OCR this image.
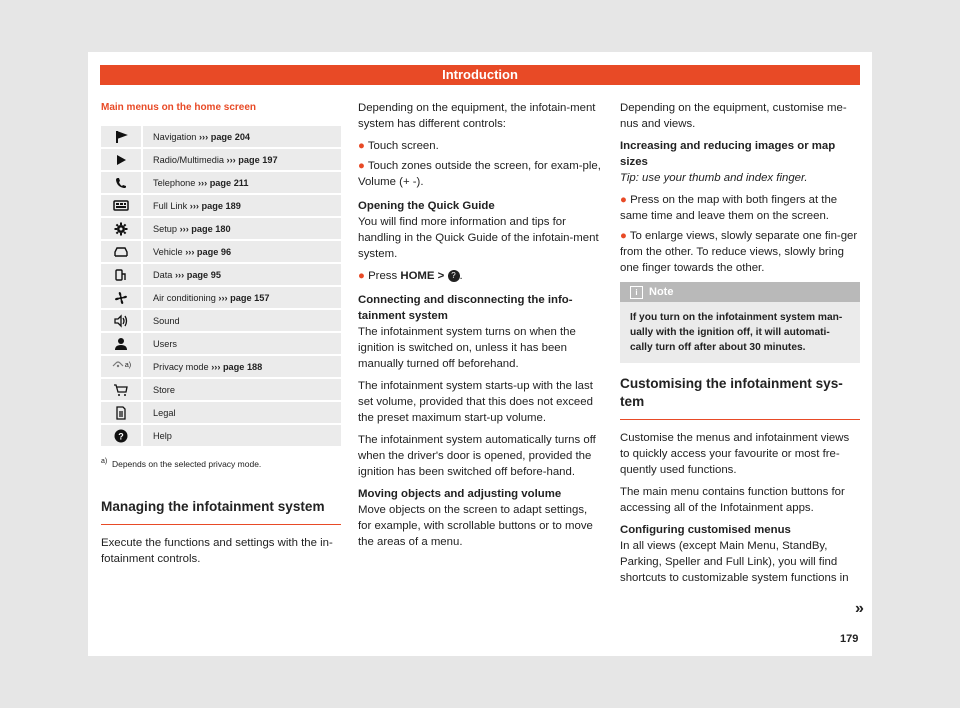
Introduction
Main menus on the home screen
	Navigation ››› page 204

	Radio/Multimedia ››› page 197

	Telephone ››› page 211

	Full Link ››› page 189

	Setup ››› page 180

	Vehicle ››› page 96

	Data ››› page 95

	Air conditioning ››› page 157

	Sound

	Users
$^{a)}$	Privacy mode ››› page 188

	Store

	Legal

?	Help
$^{a)}$ Depends on the selected privacy mode.
Managing the infotainment system

Execute the functions and settings with the in-fotainment controls.

Depending on the equipment, the infotain-ment system has different controls:

● Touch screen.
● Touch zones outside the screen, for exam-ple, Volume (+ -).
Opening the Quick Guide

You will find more information and tips for handling in the Quick Guide of the infotain-ment system.

● Press HOME > ? .
Connecting and disconnecting the info-tainment system

The infotainment system turns on when the ignition is switched on, unless it has been manually turned off beforehand.

The infotainment system starts-up with the last set volume, provided that this does not exceed the preset maximum start-up volume.

The infotainment system automatically turns off when the driver's door is opened, provided the ignition has been switched off before-hand.

Moving objects and adjusting volume

Move objects on the screen to adapt settings, for example, with scrollable buttons or to move the areas of a menu.

Depending on the equipment, customise me-nus and views.

Increasing and reducing images or map sizes

Tip: use your thumb and index finger.

● Press on the map with both fingers at the same time and leave them on the screen.
● To enlarge views, slowly separate one fin-ger from the other. To reduce views, slowly bring one finger towards the other.
i Note
If you turn on the infotainment system man-ually with the ignition off, it will automati-cally turn off after about 30 minutes.
Customising the infotainment sys-tem

Customise the menus and infotainment views to quickly access your favourite or most fre-quently used functions.

The main menu contains function buttons for accessing all of the Infotainment apps.

Configuring customised menus

In all views (except Main Menu, StandBy, Parking, Speller and Full Link), you will find shortcuts to customizable system functions in

»
179
